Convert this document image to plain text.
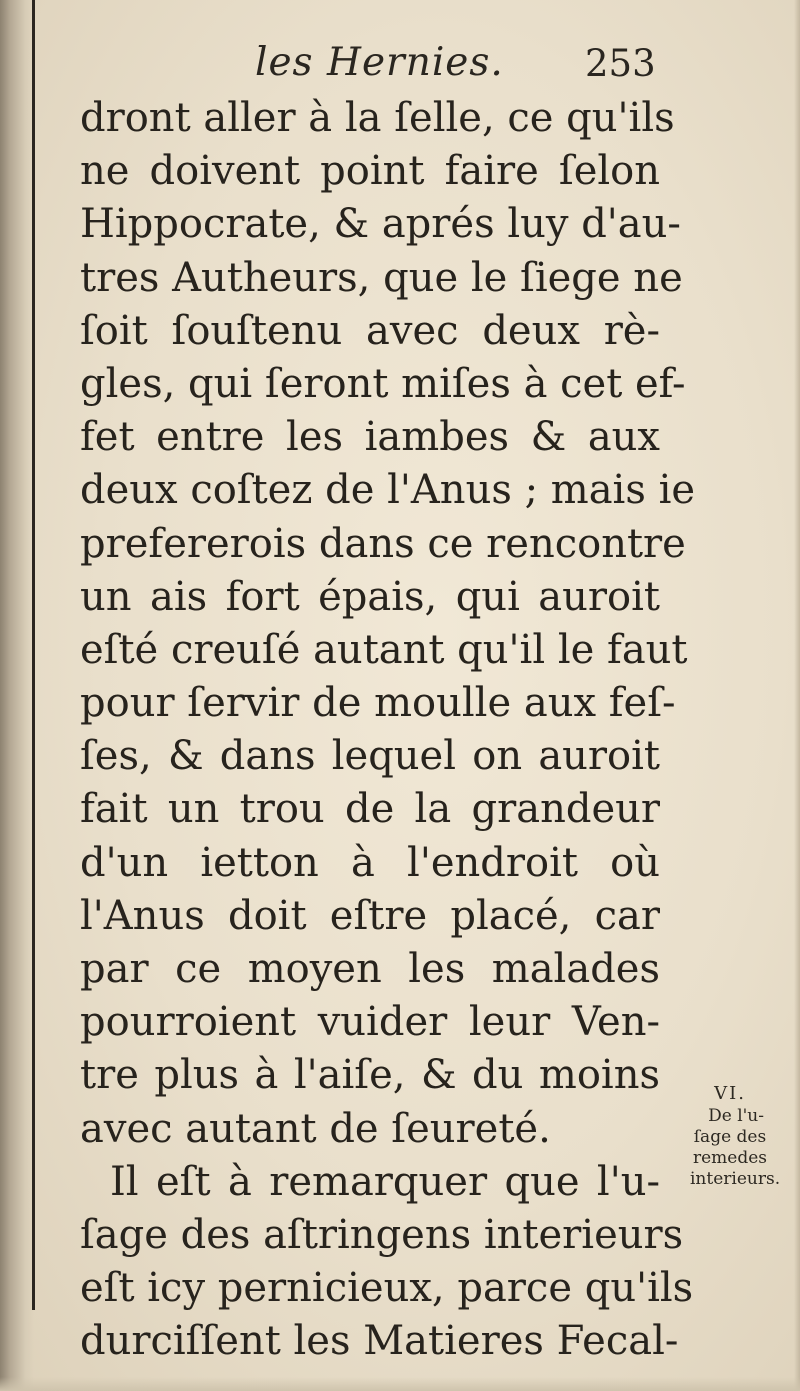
les Hernies. 253
dront aller à la ſelle, ce qu'ils
ne doivent point faire ſelon
Hippocrate, & aprés luy d'au-
tres Autheurs, que le ſiege ne
ſoit ſouſtenu avec deux rè-
gles, qui ſeront miſes à cet ef-
fet entre les iambes & aux
deux coſtez de l'Anus ; mais ie
prefererois dans ce rencontre
un ais fort épais, qui auroit
eſté creuſé autant qu'il le faut
pour ſervir de moulle aux feſ-
ſes, & dans lequel on auroit
fait un trou de la grandeur
d'un ietton à l'endroit où
l'Anus doit eſtre placé, car
par ce moyen les malades
pourroient vuider leur Ven-
tre plus à l'aiſe, & du moins
avec autant de ſeureté.
Il eſt à remarquer que l'u-
ſage des aſtringens interieurs
eſt icy pernicieux, parce qu'ils
durciſſent les Matieres Fecal-
VI.
De l'u-
ſage des
remedes
interieurs.
